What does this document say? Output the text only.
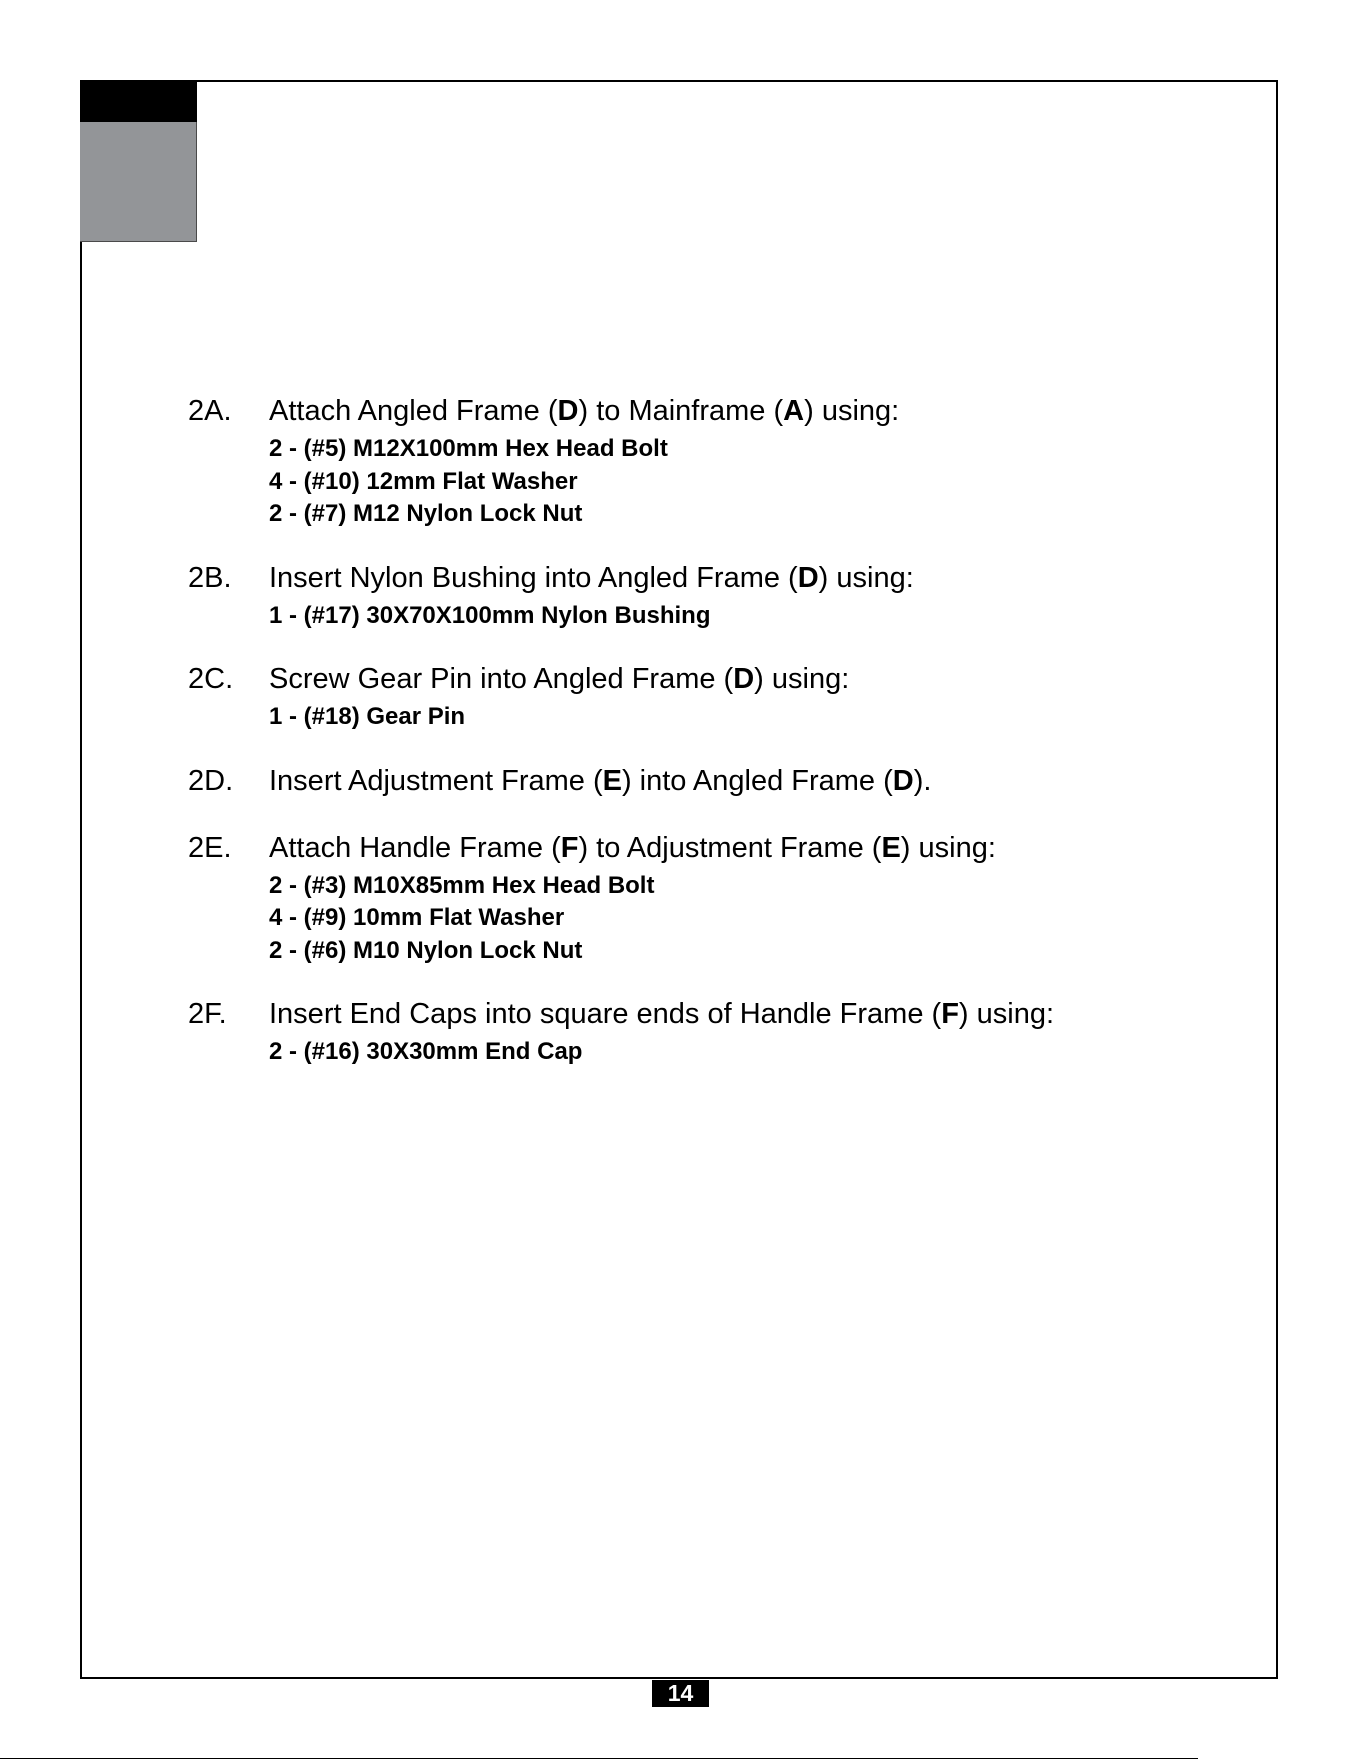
2A.	Attach Angled Frame (D) to Mainframe (A) using:
2 - (#5) M12X100mm Hex Head Bolt
4 - (#10) 12mm Flat Washer
2 - (#7) M12 Nylon Lock Nut
2B.	Insert Nylon Bushing into Angled Frame (D) using:
1 - (#17) 30X70X100mm Nylon Bushing
2C.	Screw Gear Pin into Angled Frame (D) using:
1 - (#18) Gear Pin
2D.	Insert Adjustment Frame (E) into Angled Frame (D).
2E.	Attach Handle Frame (F) to Adjustment Frame (E) using:
2 - (#3) M10X85mm Hex Head Bolt
4 - (#9) 10mm Flat Washer
2 - (#6) M10 Nylon Lock Nut
2F.	Insert End Caps into square ends of Handle Frame (F) using:
2 - (#16) 30X30mm End Cap
14
